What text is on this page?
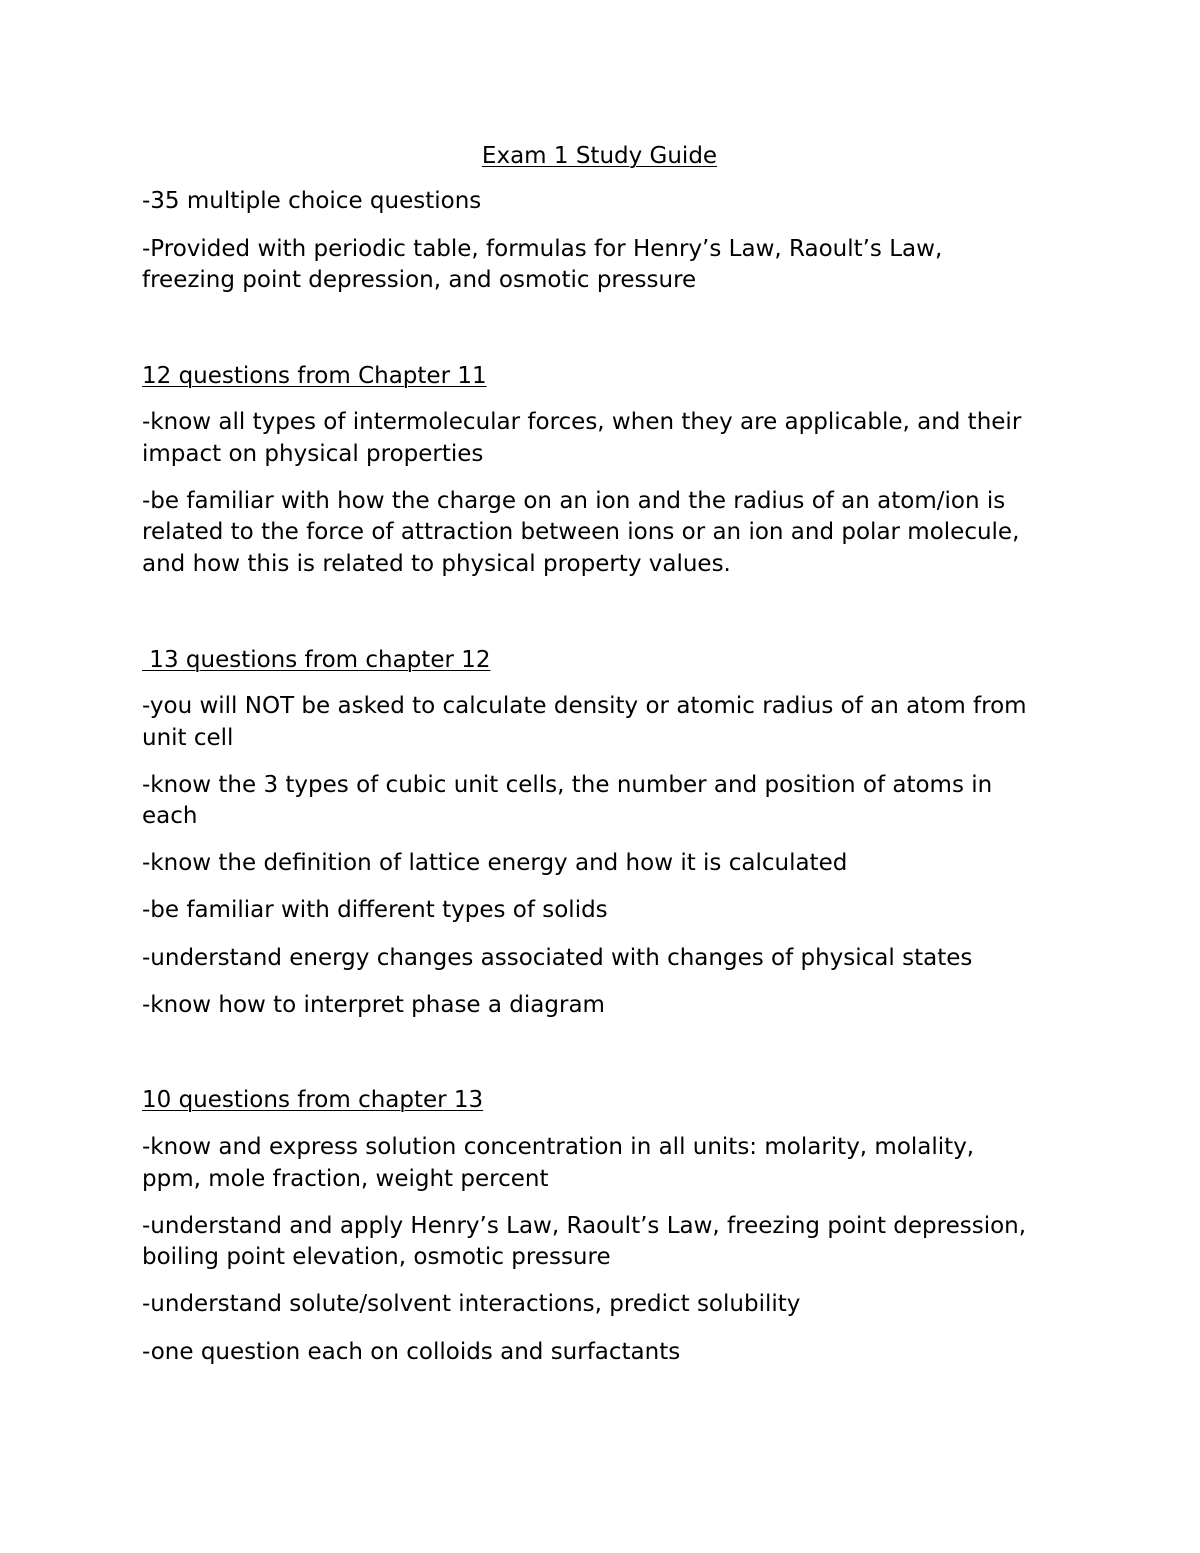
Exam 1 Study Guide
-35 multiple choice questions
-Provided with periodic table, formulas for Henry’s Law, Raoult’s Law,
freezing point depression, and osmotic pressure
12 questions from Chapter 11
-know all types of intermolecular forces, when they are applicable, and their
impact on physical properties
-be familiar with how the charge on an ion and the radius of an atom/ion is
related to the force of attraction between ions or an ion and polar molecule,
and how this is related to physical property values.
13 questions from chapter 12
-you will NOT be asked to calculate density or atomic radius of an atom from
unit cell
-know the 3 types of cubic unit cells, the number and position of atoms in
each
-know the definition of lattice energy and how it is calculated
-be familiar with different types of solids
-understand energy changes associated with changes of physical states
-know how to interpret phase a diagram
10 questions from chapter 13
-know and express solution concentration in all units: molarity, molality,
ppm, mole fraction, weight percent
-understand and apply Henry’s Law, Raoult’s Law, freezing point depression,
boiling point elevation, osmotic pressure
-understand solute/solvent interactions, predict solubility
-one question each on colloids and surfactants
